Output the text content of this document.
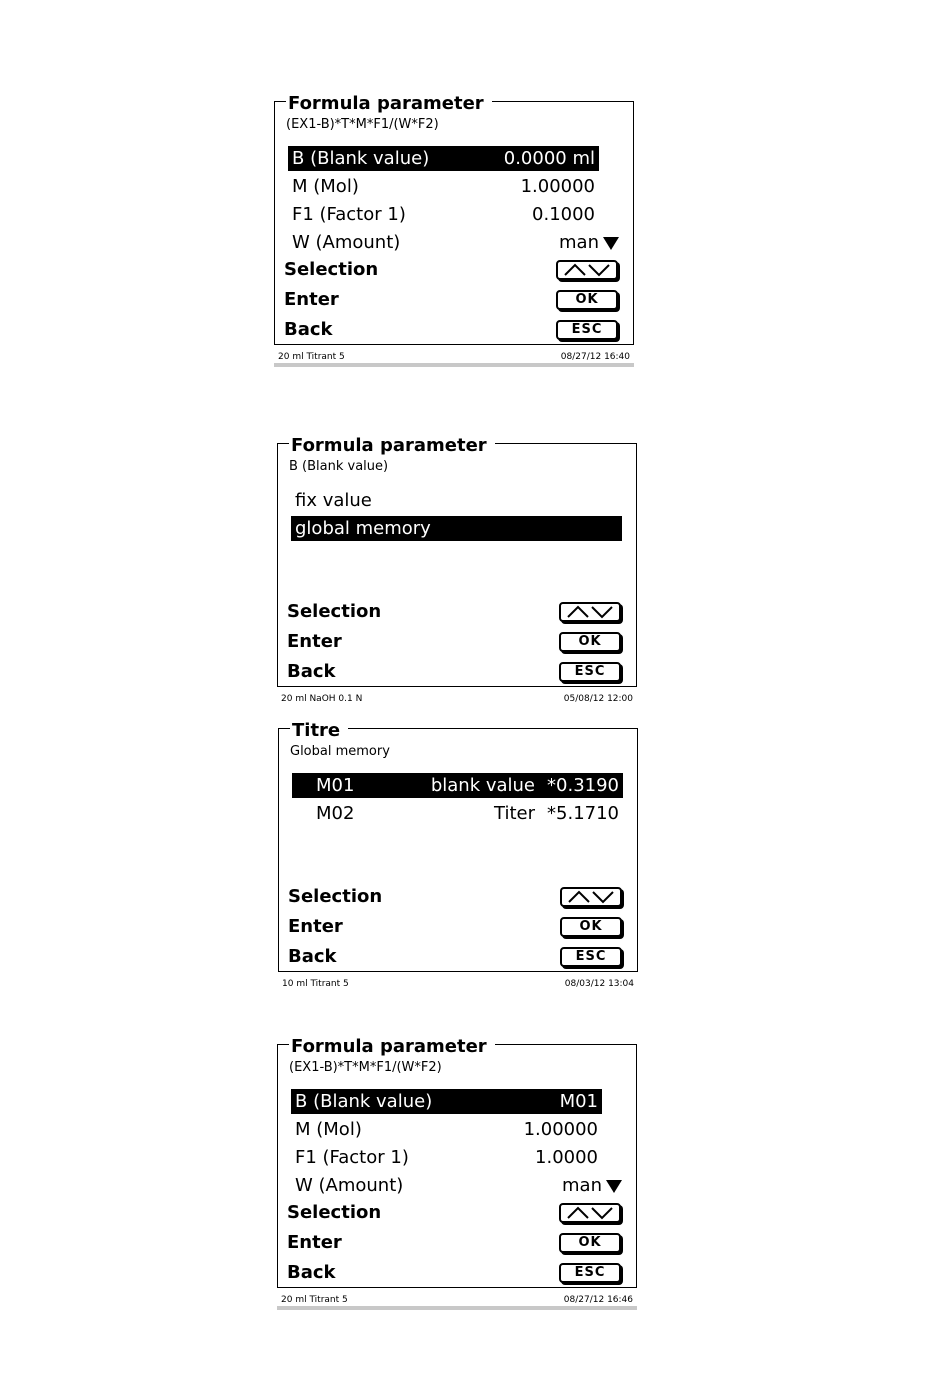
Formula parameter
(EX1-B)*T*M*F1/(W*F2)
B (Blank value)	0.0000 ml
M (Mol)	1.00000
F1 (Factor 1)	0.1000
W (Amount)	man
Selection
Enter	OK
Back	ESC
20 ml Titrant 5	08/27/12 16:40
Formula parameter
B (Blank value)
fix value
global memory
Selection
Enter	OK
Back	ESC
20 ml NaOH 0.1 N	05/08/12 12:00
Titre
Global memory
M01	blank value *0.3190
M02	Titer *5.1710
Selection
Enter	OK
Back	ESC
10 ml Titrant 5	08/03/12 13:04
Formula parameter
(EX1-B)*T*M*F1/(W*F2)
B (Blank value)	M01
M (Mol)	1.00000
F1 (Factor 1)	1.0000
W (Amount)	man
Selection
Enter	OK
Back	ESC
20 ml Titrant 5	08/27/12 16:46
